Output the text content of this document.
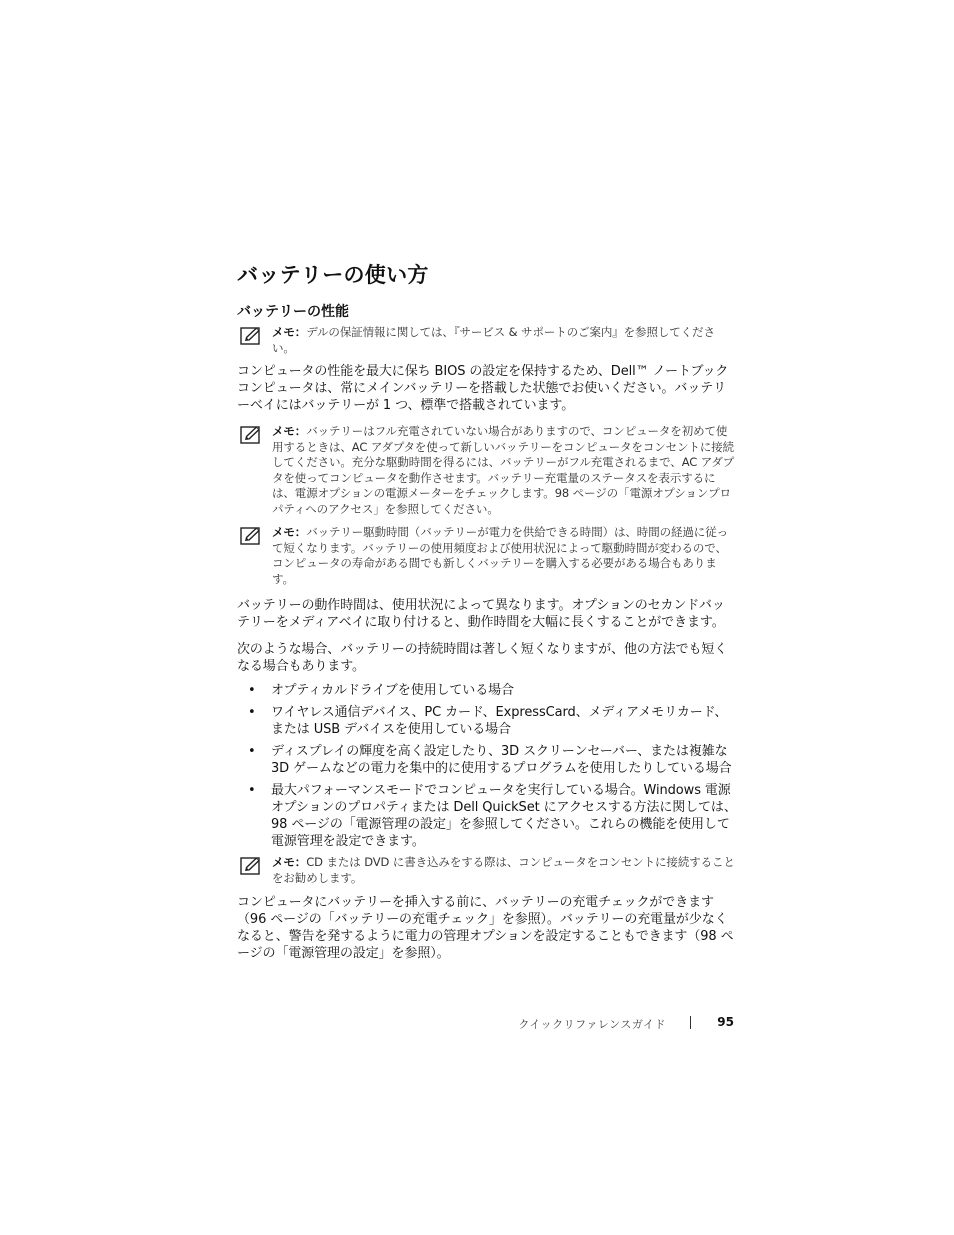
バッテリーの使い方
バッテリーの性能
メモ：デルの保証情報に関しては、『サービス & サポートのご案内』を参照してください。

コンピュータの性能を最大に保ち BIOS の設定を保持するため、Dell™ ノートブックコンピュータは、常にメインバッテリーを搭載した状態でお使いください。バッテリーベイにはバッテリーが 1 つ、標準で搭載されています。

メモ：バッテリーはフル充電されていない場合がありますので、コンピュータを初めて使用するときは、AC アダプタを使って新しいバッテリーをコンピュータをコンセントに接続してください。充分な駆動時間を得るには、バッテリーがフル充電されるまで、AC アダプタを使ってコンピュータを動作させます。バッテリー充電量のステータスを表示するには、電源オプションの電源メーターをチェックします。98 ページの「電源オプションプロパティへのアクセス」を参照してください。
メモ：バッテリー駆動時間（バッテリーが電力を供給できる時間）は、時間の経過に従って短くなります。バッテリーの使用頻度および使用状況によって駆動時間が変わるので、コンピュータの寿命がある間でも新しくバッテリーを購入する必要がある場合もあります。

バッテリーの動作時間は、使用状況によって異なります。オプションのセカンドバッテリーをメディアベイに取り付けると、動作時間を大幅に長くすることができます。

次のような場合、バッテリーの持続時間は著しく短くなりますが、他の方法でも短くなる場合もあります。

• オプティカルドライブを使用している場合
• ワイヤレス通信デバイス、PC カード、ExpressCard、メディアメモリカード、または USB デバイスを使用している場合
• ディスプレイの輝度を高く設定したり、3D スクリーンセーバー、または複雑な 3D ゲームなどの電力を集中的に使用するプログラムを使用したりしている場合
• 最大パフォーマンスモードでコンピュータを実行している場合。Windows 電源オプションのプロパティまたは Dell QuickSet にアクセスする方法に関しては、98 ページの「電源管理の設定」を参照してください。これらの機能を使用して電源管理を設定できます。
メモ：CD または DVD に書き込みをする際は、コンピュータをコンセントに接続することをお勧めします。

コンピュータにバッテリーを挿入する前に、バッテリーの充電チェックができます（96 ページの「バッテリーの充電チェック」を参照）。バッテリーの充電量が少なくなると、警告を発するように電力の管理オプションを設定することもできます（98 ページの「電源管理の設定」を参照）。

クイックリファレンスガイド	95
